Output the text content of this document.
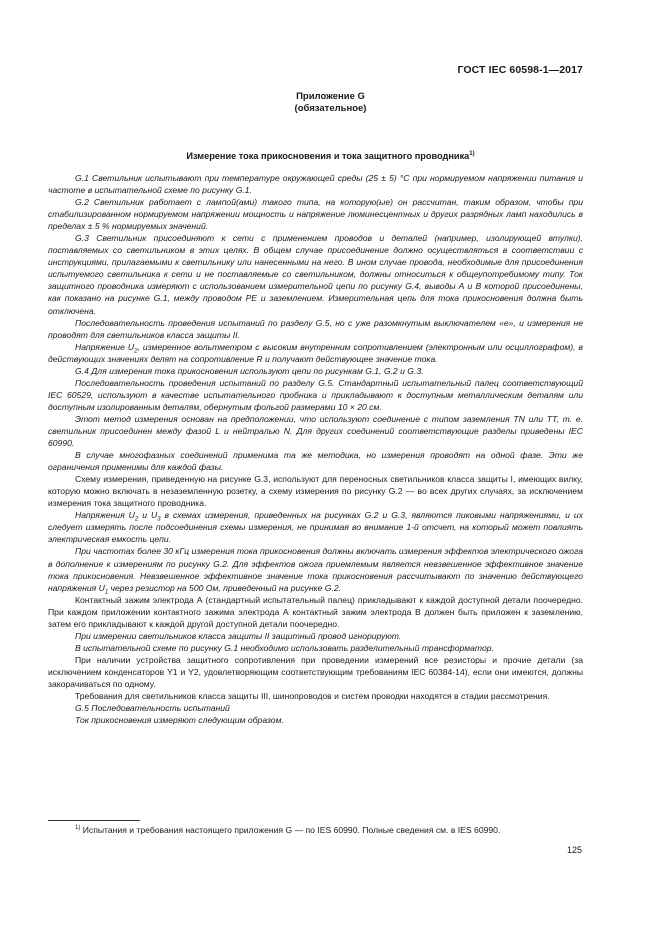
ГОСТ IEC 60598-1—2017
Приложение G
(обязательное)
Измерение тока прикосновения и тока защитного проводника$^{1)}$

G.1 Светильник испытывают при температуре окружающей среды (25 ± 5) °С при нормируемом напряжении питания и частоте в испытательной схеме по рисунку G.1.

G.2 Светильник работает с лампой(ами) такого типа, на которую(ые) он рассчитан, таким образом, чтобы при стабилизированном нормируемом напряжении мощность и напряжение люминесцентных и других разрядных ламп находились в пределах ± 5 % нормируемых значений.

G.3 Светильник присоединяют к сети с применением проводов и деталей (например, изолирующей втулки), поставляемых со светильником в этих целях. В общем случае присоединение должно осуществляться в соответствии с инструкциями, прилагаемыми к светильнику или нанесенными на него. В ином случае провода, необходимые для присоединения испытуемого светильника к сети и не поставляемые со светильником, должны относиться к общеупотребимому типу. Ток защитного проводника измеряют с использованием измерительной цепи по рисунку G.4, выводы А и В которой присоединены, как показано на рисунке G.1, между проводом PE и заземлением. Измерительная цепь для тока прикосновения должна быть отключена.

Последовательность проведения испытаний по разделу G.5, но с уже разомкнутым выключателем «е», и измерения не проводят для светильников класса защиты II.

Напряжение $U_2$, измеренное вольтметром с высоким внутренним сопротивлением (электронным или осциллографом), в действующих значениях делят на сопротивление R и получают действующее значение тока.

G.4 Для измерения тока прикосновения используют цепи по рисункам G.1, G.2 и G.3.

Последовательность проведения испытаний по разделу G.5. Стандартный испытательный палец соответствующий IEC 60529, используют в качестве испытательного пробника и прикладывают к доступным металлическим деталям или доступным изолированным деталям, обернутым фольгой размерами 10 × 20 см.

Этот метод измерения основан на предположении, что используют соединение с типом заземления TN или TT, т. е. светильник присоединен между фазой L и нейтралью N. Для других соединений соответствующие разделы приведены IEC 60990.

В случае многофазных соединений применима та же методика, но измерения проводят на одной фазе. Эти же ограничения применимы для каждой фазы.

Схему измерения, приведенную на рисунке G.3, используют для переносных светильников класса защиты I, имеющих вилку, которую можно включать в незаземленную розетку, а схему измерения по рисунку G.2 — во всех других случаях, за исключением измерения тока защитного проводника.

Напряжения $U_2$ и $U_3$ в схемах измерения, приведенных на рисунках G.2 и G.3, являются пиковыми напряжениями, и их следует измерять после подсоединения схемы измерения, не принимая во внимание 1-й отсчет, на который может повлиять электрическая емкость цепи.

При частотах более 30 кГц измерения тока прикосновения должны включать измерения эффектов электрического ожога в дополнение к измерениям по рисунку G.2. Для эффектов ожога приемлемым является невзвешенное эффективное значение тока прикосновения. Невзвешенное эффективное значение тока прикосновения рассчитывают по значению действующего напряжения $U_1$ через резистор на 500 Ом, приведенный на рисунке G.2.

Контактный зажим электрода А (стандартный испытательный палец) прикладывают к каждой доступной детали поочередно. При каждом приложении контактного зажима электрода А контактный зажим электрода В должен быть приложен к заземлению, затем его прикладывают к каждой другой доступной детали поочередно.

При измерении светильников класса защиты II защитный провод игнорируют.

В испытательной схеме по рисунку G.1 необходимо использовать разделительный трансформатор.

При наличии устройства защитного сопротивления при проведении измерений все резисторы и прочие детали (за исключением конденсаторов Y1 и Y2, удовлетворяющим соответствующим требованиям IEC 60384-14), если они имеются, должны закорачиваться по одному.

Требования для светильников класса защиты III, шинопроводов и систем проводки находятся в стадии рассмотрения.

G.5 Последовательность испытаний

Ток прикосновения измеряют следующим образом.

$^{1)}$ Испытания и требования настоящего приложения G — по IES 60990. Полные сведения см. в IES 60990.
125
